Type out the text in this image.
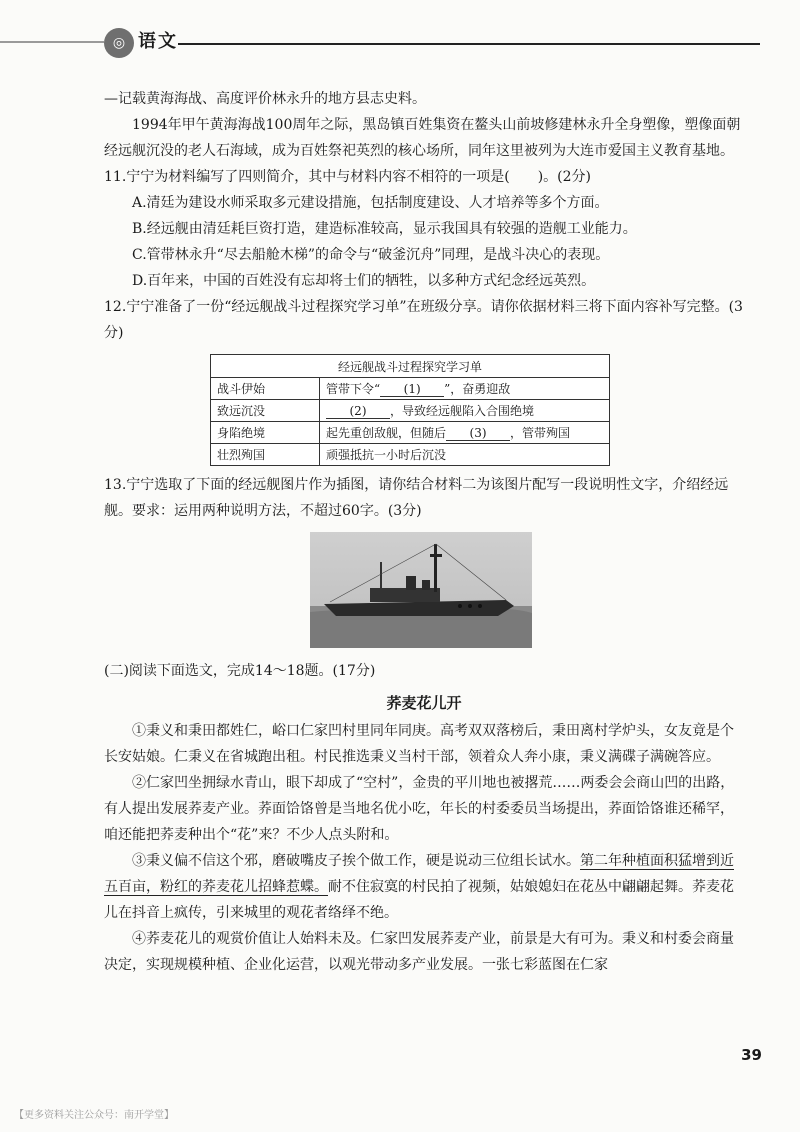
◎ 语文

—记载黄海海战、高度评价林永升的地方县志史料。

1994年甲午黄海海战100周年之际，黑岛镇百姓集资在鳌头山前坡修建林永升全身塑像，塑像面朝经远舰沉没的老人石海域，成为百姓祭祀英烈的核心场所，同年这里被列为大连市爱国主义教育基地。

11.宁宁为材料编写了四则简介，其中与材料内容不相符的一项是(　　)。(2分)

A.清廷为建设水师采取多元建设措施，包括制度建设、人才培养等多个方面。

B.经远舰由清廷耗巨资打造，建造标准较高，显示我国具有较强的造舰工业能力。

C.管带林永升“尽去船舱木梯”的命令与“破釜沉舟”同理，是战斗决心的表现。

D.百年来，中国的百姓没有忘却将士们的牺牲，以多种方式纪念经远英烈。

12.宁宁准备了一份“经远舰战斗过程探究学习单”在班级分享。请你依据材料三将下面内容补写完整。(3分)

经远舰战斗过程探究学习单	
战斗伊始	管带下令“ (1) ”，奋勇迎敌
致远沉没	(2) ，导致经远舰陷入合围绝境
身陷绝境	起先重创敌舰，但随后 (3) ，管带殉国
壮烈殉国	顽强抵抗一小时后沉没

13.宁宁选取了下面的经远舰图片作为插图，请你结合材料二为该图片配写一段说明性文字，介绍经远舰。要求：运用两种说明方法，不超过60字。(3分)

(二)阅读下面选文，完成14～18题。(17分)

荞麦花儿开

①秉义和秉田都姓仁，峪口仁家凹村里同年同庚。高考双双落榜后，秉田离村学炉头，女友竟是个长安姑娘。仁秉义在省城跑出租。村民推选秉义当村干部，领着众人奔小康，秉义满碟子满碗答应。

②仁家凹坐拥绿水青山，眼下却成了“空村”，金贵的平川地也被撂荒……两委会会商山凹的出路，有人提出发展荞麦产业。荞面饸饹曾是当地名优小吃，年长的村委委员当场提出，荞面饸饹谁还稀罕，咱还能把荞麦种出个“花”来？不少人点头附和。

③秉义偏不信这个邪，磨破嘴皮子挨个做工作，硬是说动三位组长试水。第二年种植面积猛增到近五百亩，粉红的荞麦花儿招蜂惹蝶。耐不住寂寞的村民拍了视频，姑娘媳妇在花丛中翩翩起舞。荞麦花儿在抖音上疯传，引来城里的观花者络绎不绝。

④荞麦花儿的观赏价值让人始料未及。仁家凹发展荞麦产业，前景是大有可为。秉义和村委会商量决定，实现规模种植、企业化运营，以观光带动多产业发展。一张七彩蓝图在仁家

39
【更多资料关注公众号：南开学堂】
